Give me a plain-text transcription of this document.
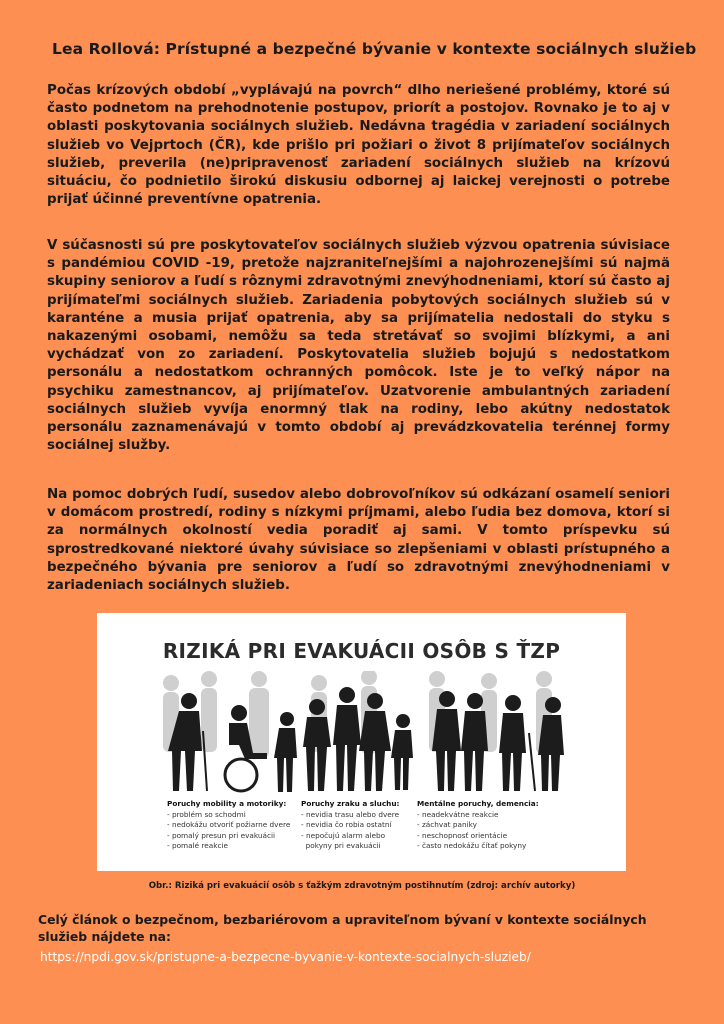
Lea Rollová: Prístupné a bezpečné bývanie v kontexte sociálnych služieb

Počas krízových období „vyplávajú na povrch“ dlho neriešené problémy, ktoré sú často podnetom na prehodnotenie postupov, priorít a postojov. Rovnako je to aj v oblasti poskytovania sociálnych služieb. Nedávna tragédia v zariadení sociálnych služieb vo Vejprtoch (ČR), kde prišlo pri požiari o život 8 prijímateľov sociálnych služieb, preverila (ne)pripravenosť zariadení sociálnych služieb na krízovú situáciu, čo podnietilo širokú diskusiu odbornej aj laickej verejnosti o potrebe prijať účinné preventívne opatrenia.

V súčasnosti sú pre poskytovateľov sociálnych služieb výzvou opatrenia súvisiace s pandémiou COVID -19, pretože najzraniteľnejšími a najohrozenejšími sú najmä skupiny seniorov a ľudí s rôznymi zdravotnými znevýhodneniami, ktorí sú často aj prijímateľmi sociálnych služieb. Zariadenia pobytových sociálnych služieb sú v karanténe a musia prijať opatrenia, aby sa prijímatelia nedostali do styku s nakazenými osobami, nemôžu sa teda stretávať so svojimi blízkymi, a ani vychádzať von zo zariadení. Poskytovatelia služieb bojujú s nedostatkom personálu a nedostatkom ochranných pomôcok. Iste je to veľký nápor na psychiku zamestnancov, aj prijímateľov. Uzatvorenie ambulantných zariadení sociálnych služieb vyvíja enormný tlak na rodiny, lebo akútny nedostatok personálu zaznamenávajú v tomto období aj prevádzkovatelia terénnej formy sociálnej služby.

Na pomoc dobrých ľudí, susedov alebo dobrovoľníkov sú odkázaní osamelí seniori v domácom prostredí, rodiny s nízkymi príjmami, alebo ľudia bez domova, ktorí si za normálnych okolností vedia poradiť aj sami. V tomto príspevku sú sprostredkované niektoré úvahy súvisiace so zlepšeniami v oblasti prístupného a bezpečného bývania pre seniorov a ľudí so zdravotnými znevýhodneniami v zariadeniach sociálnych služieb.

RIZIKÁ PRI EVAKUÁCII OSÔB S ŤZP
Poruchy mobility a motoriky:
- problém so schodmi
- nedokážu otvoriť požiarne dvere
- pomalý presun pri evakuácii
- pomalé reakcie
Poruchy zraku a sluchu:
- nevidia trasu alebo dvere
- nevidia čo robia ostatní
- nepočujú alarm alebo
pokyny pri evakuácii
Mentálne poruchy, demencia:
- neadekvátne reakcie
- záchvat paniky
- neschopnosť orientácie
- často nedokážu čítať pokyny
Obr.: Riziká pri evakuácií osôb s ťažkým zdravotným postihnutím (zdroj: archív autorky)
Celý článok o bezpečnom, bezbariérovom a upraviteľnom bývaní v kontexte sociálnych služieb nájdete na:
https://npdi.gov.sk/pristupne-a-bezpecne-byvanie-v-kontexte-socialnych-sluzieb/
